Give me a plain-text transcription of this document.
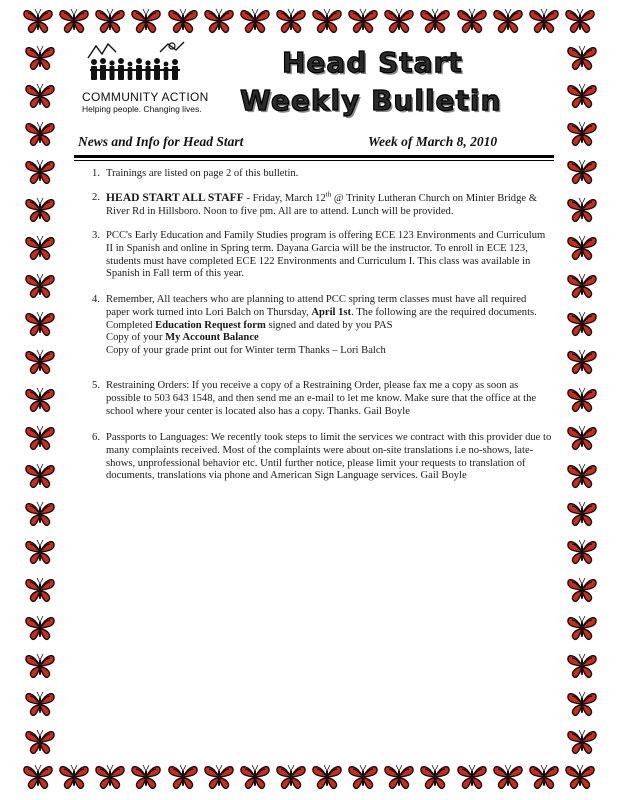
COMMUNITY ACTION
Helping people. Changing lives.
Head Start
Weekly Bulletin
News and Info for Head Start	Week of March 8, 2010
1. Trainings are listed on page 2 of this bulletin.

2. HEAD START ALL STAFF - Friday, March 12th @ Trinity Lutheran Church on Minter Bridge & River Rd in Hillsboro. Noon to five pm. All are to attend. Lunch will be provided.

3. PCC's Early Education and Family Studies program is offering ECE 123 Environments and Curriculum II in Spanish and online in Spring term. Dayana Garcia will be the instructor. To enroll in ECE 123, students must have completed ECE 122 Environments and Curriculum I. This class was available in Spanish in Fall term of this year.

4. Remember, All teachers who are planning to attend PCC spring term classes must have all required paper work turned into Lori Balch on Thursday, April 1st. The following are the required documents.

Completed Education Request form signed and dated by you PAS

Copy of your My Account Balance

Copy of your grade print out for Winter term Thanks – Lori Balch

5. Restraining Orders: If you receive a copy of a Restraining Order, please fax me a copy as soon as possible to 503 643 1548, and then send me an e-mail to let me know. Make sure that the office at the school where your center is located also has a copy. Thanks. Gail Boyle

6. Passports to Languages: We recently took steps to limit the services we contract with this provider due to many complaints received. Most of the complaints were about on-site translations i.e no-shows, late-shows, unprofessional behavior etc. Until further notice, please limit your requests to translation of documents, translations via phone and American Sign Language services. Gail Boyle
